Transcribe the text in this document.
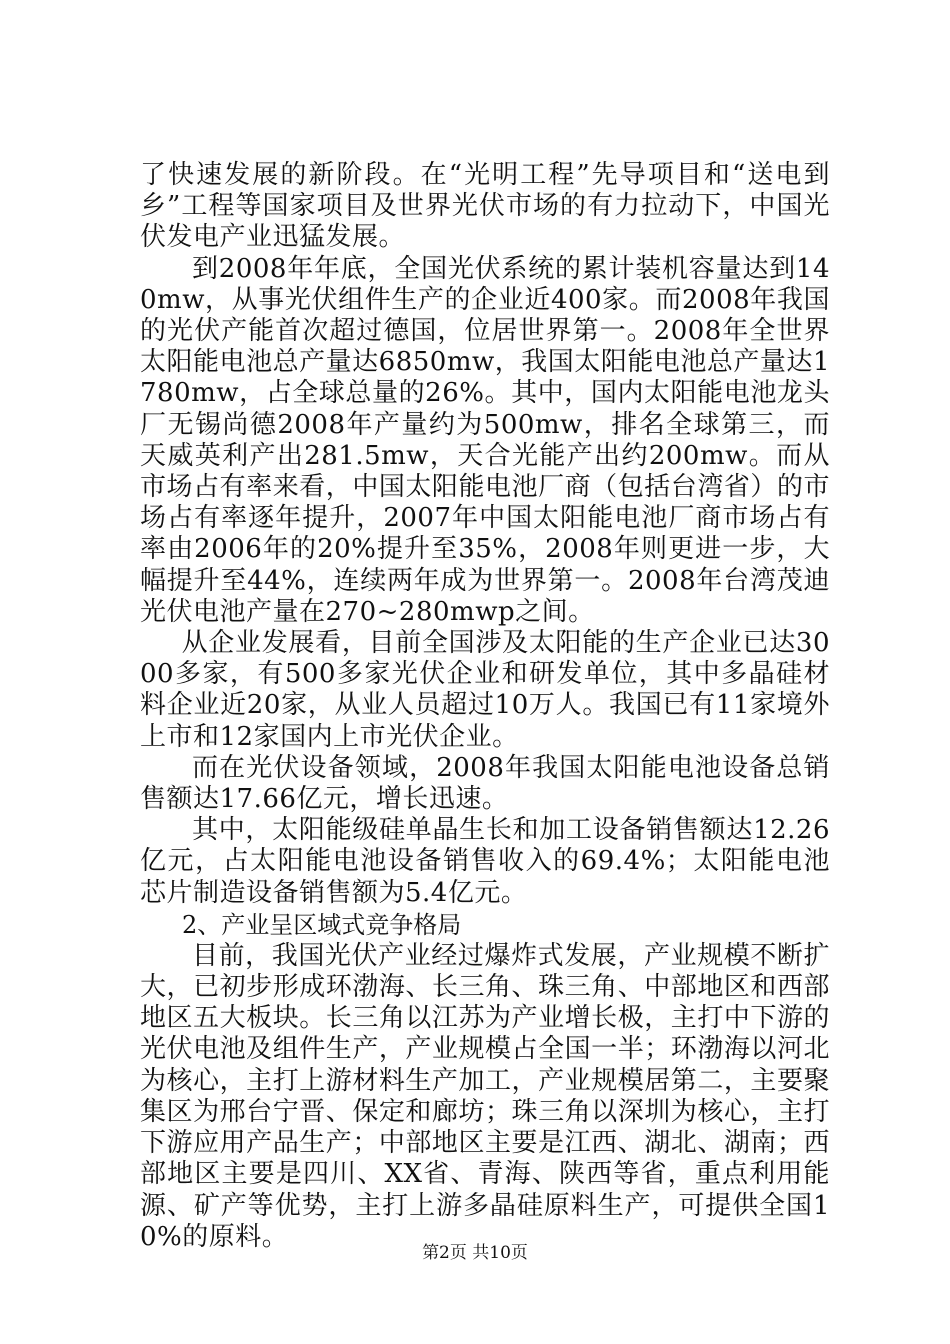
了快速发展的新阶段。在“光明工程”先导项目和“送电到乡”工程等国家项目及世界光伏市场的有力拉动下，中国光伏发电产业迅猛发展。

到2008年年底，全国光伏系统的累计装机容量达到140mw，从事光伏组件生产的企业近400家。而2008年我国的光伏产能首次超过德国，位居世界第一。2008年全世界太阳能电池总产量达6850mw，我国太阳能电池总产量达1780mw，占全球总量的26%。其中，国内太阳能电池龙头厂无锡尚德2008年产量约为500mw，排名全球第三，而天威英利产出281.5mw，天合光能产出约200mw。而从市场占有率来看，中国太阳能电池厂商（包括台湾省）的市场占有率逐年提升，2007年中国太阳能电池厂商市场占有率由2006年的20%提升至35%，2008年则更进一步，大幅提升至44%，连续两年成为世界第一。2008年台湾茂迪光伏电池产量在270~280mwp之间。

从企业发展看，目前全国涉及太阳能的生产企业已达3000多家，有500多家光伏企业和研发单位，其中多晶硅材料企业近20家，从业人员超过10万人。我国已有11家境外上市和12家国内上市光伏企业。

而在光伏设备领域，2008年我国太阳能电池设备总销售额达17.66亿元，增长迅速。

其中，太阳能级硅单晶生长和加工设备销售额达12.26亿元，占太阳能电池设备销售收入的69.4%；太阳能电池芯片制造设备销售额为5.4亿元。

2、产业呈区域式竞争格局

目前，我国光伏产业经过爆炸式发展，产业规模不断扩大，已初步形成环渤海、长三角、珠三角、中部地区和西部地区五大板块。长三角以江苏为产业增长极，主打中下游的光伏电池及组件生产，产业规模占全国一半；环渤海以河北为核心，主打上游材料生产加工，产业规模居第二，主要聚集区为邢台宁晋、保定和廊坊；珠三角以深圳为核心，主打下游应用产品生产；中部地区主要是江西、湖北、湖南；西部地区主要是四川、XX省、青海、陕西等省，重点利用能源、矿产等优势，主打上游多晶硅原料生产，可提供全国10%的原料。

第2页 共10页
